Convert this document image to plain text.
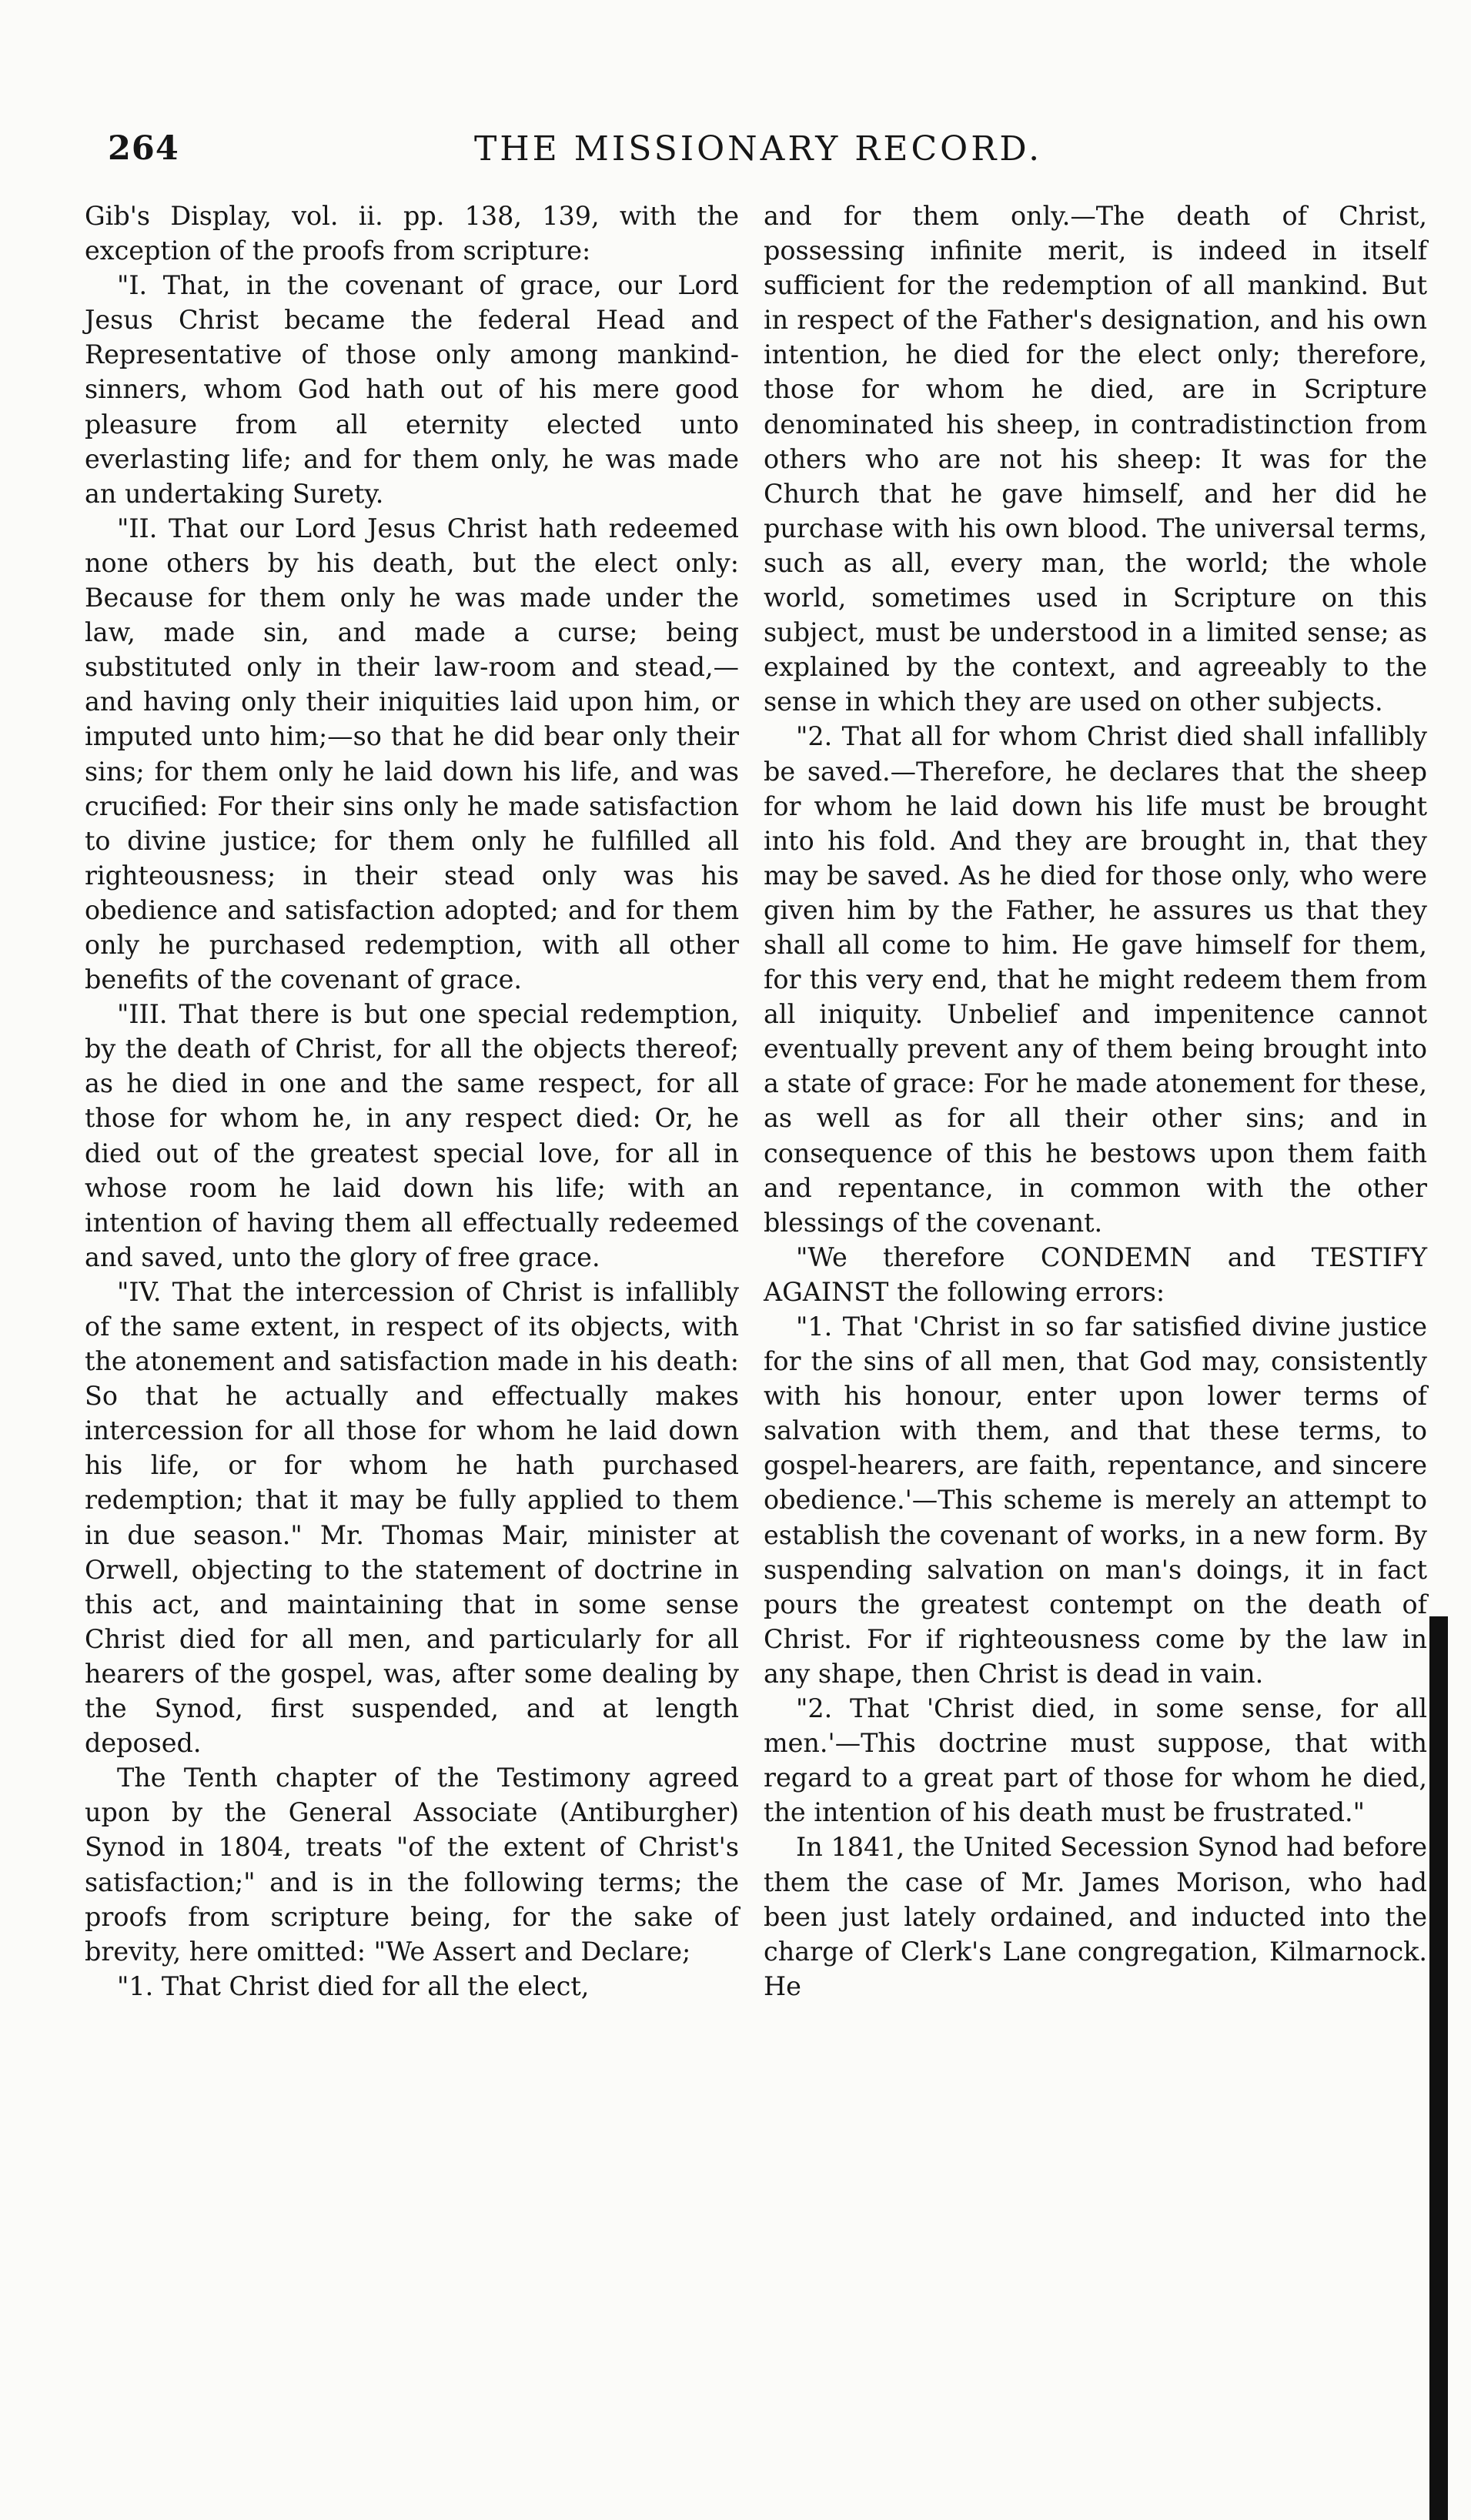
264	THE MISSIONARY RECORD.

Gib's Display, vol. ii. pp. 138, 139, with the exception of the proofs from scripture:

"I. That, in the covenant of grace, our Lord Jesus Christ became the federal Head and Representative of those only among mankind-sinners, whom God hath out of his mere good pleasure from all eternity elected unto everlasting life; and for them only, he was made an undertaking Surety.

"II. That our Lord Jesus Christ hath redeemed none others by his death, but the elect only: Because for them only he was made under the law, made sin, and made a curse; being substituted only in their law-room and stead,—and having only their iniquities laid upon him, or imputed unto him;—so that he did bear only their sins; for them only he laid down his life, and was crucified: For their sins only he made satisfaction to divine justice; for them only he fulfilled all righteousness; in their stead only was his obedience and satisfaction adopted; and for them only he purchased redemption, with all other benefits of the covenant of grace.

"III. That there is but one special redemption, by the death of Christ, for all the objects thereof; as he died in one and the same respect, for all those for whom he, in any respect died: Or, he died out of the greatest special love, for all in whose room he laid down his life; with an intention of having them all effectually redeemed and saved, unto the glory of free grace.

"IV. That the intercession of Christ is infallibly of the same extent, in respect of its objects, with the atonement and satisfaction made in his death: So that he actually and effectually makes intercession for all those for whom he laid down his life, or for whom he hath purchased redemption; that it may be fully applied to them in due season." Mr. Thomas Mair, minister at Orwell, objecting to the statement of doctrine in this act, and maintaining that in some sense Christ died for all men, and particularly for all hearers of the gospel, was, after some dealing by the Synod, first suspended, and at length deposed.

The Tenth chapter of the Testimony agreed upon by the General Associate (Antiburgher) Synod in 1804, treats "of the extent of Christ's satisfaction;" and is in the following terms; the proofs from scripture being, for the sake of brevity, here omitted: "We Assert and Declare;

"1. That Christ died for all the elect,

and for them only.—The death of Christ, possessing infinite merit, is indeed in itself sufficient for the redemption of all mankind. But in respect of the Father's designation, and his own intention, he died for the elect only; therefore, those for whom he died, are in Scripture denominated his sheep, in contradistinction from others who are not his sheep: It was for the Church that he gave himself, and her did he purchase with his own blood. The universal terms, such as all, every man, the world; the whole world, sometimes used in Scripture on this subject, must be understood in a limited sense; as explained by the context, and agreeably to the sense in which they are used on other subjects.

"2. That all for whom Christ died shall infallibly be saved.—Therefore, he declares that the sheep for whom he laid down his life must be brought into his fold. And they are brought in, that they may be saved. As he died for those only, who were given him by the Father, he assures us that they shall all come to him. He gave himself for them, for this very end, that he might redeem them from all iniquity. Unbelief and impenitence cannot eventually prevent any of them being brought into a state of grace: For he made atonement for these, as well as for all their other sins; and in consequence of this he bestows upon them faith and repentance, in common with the other blessings of the covenant.

"We therefore CONDEMN and TESTIFY AGAINST the following errors:

"1. That 'Christ in so far satisfied divine justice for the sins of all men, that God may, consistently with his honour, enter upon lower terms of salvation with them, and that these terms, to gospel-hearers, are faith, repentance, and sincere obedience.'—This scheme is merely an attempt to establish the covenant of works, in a new form. By suspending salvation on man's doings, it in fact pours the greatest contempt on the death of Christ. For if righteousness come by the law in any shape, then Christ is dead in vain.

"2. That 'Christ died, in some sense, for all men.'—This doctrine must suppose, that with regard to a great part of those for whom he died, the intention of his death must be frustrated."

In 1841, the United Secession Synod had before them the case of Mr. James Morison, who had been just lately ordained, and inducted into the charge of Clerk's Lane congregation, Kilmarnock. He
